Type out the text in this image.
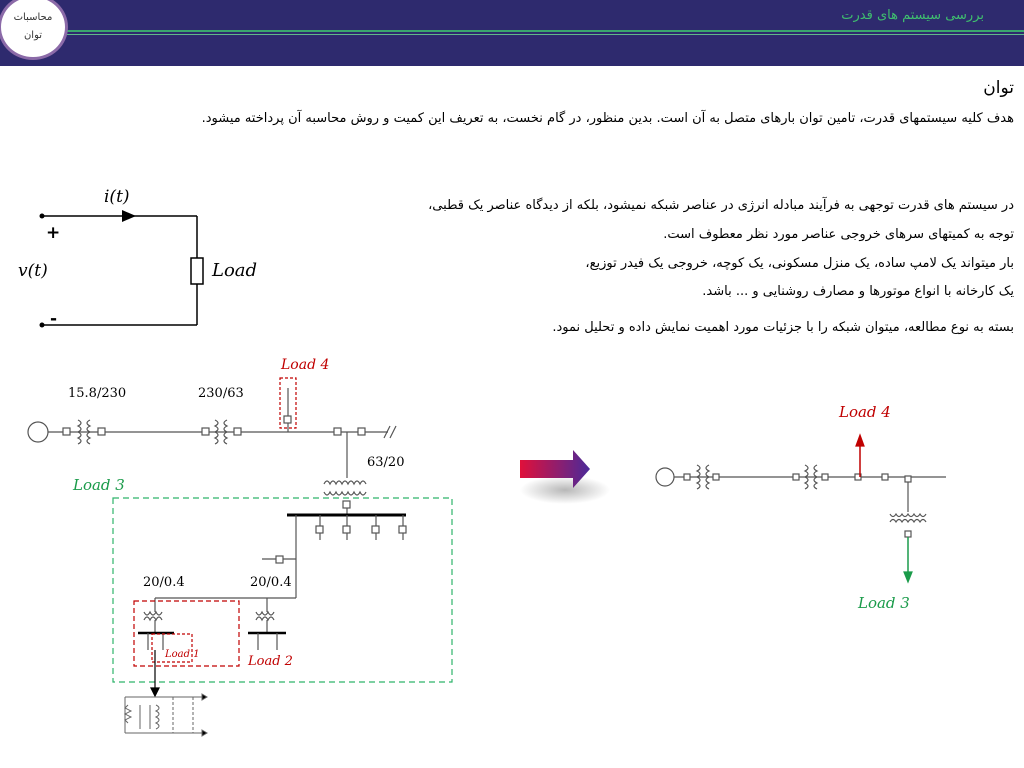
بررسی سیستم های قدرت
محاسبات
توان
توان
هدف کلیه سیستمهای قدرت، تامین توان بارهای متصل به آن است. بدین منظور، در گام نخست، به تعریف این کمیت و روش محاسبه آن پرداخته میشود.
در سیستم های قدرت توجهی به فرآیند مبادله انرژی در عناصر شبکه نمیشود، بلکه از دیدگاه عناصر یک قطبی،
توجه به کمیتهای سرهای خروجی عناصر مورد نظر معطوف است.
بار میتواند یک لامپ ساده، یک منزل مسکونی، یک کوچه، خروجی یک فیدر توزیع،
یک کارخانه با انواع موتورها و مصارف روشنایی و ... باشد.
بسته به نوع مطالعه، میتوان شبکه را با جزئیات مورد اهمیت نمایش داده و تحلیل نمود.
i(t)
+
-
v(t)	Load
15.8/230	230/63
63/20
20/0.4	20/0.4
Load 4
Load 3
Load 1	Load 2
Load 4
Load 3
